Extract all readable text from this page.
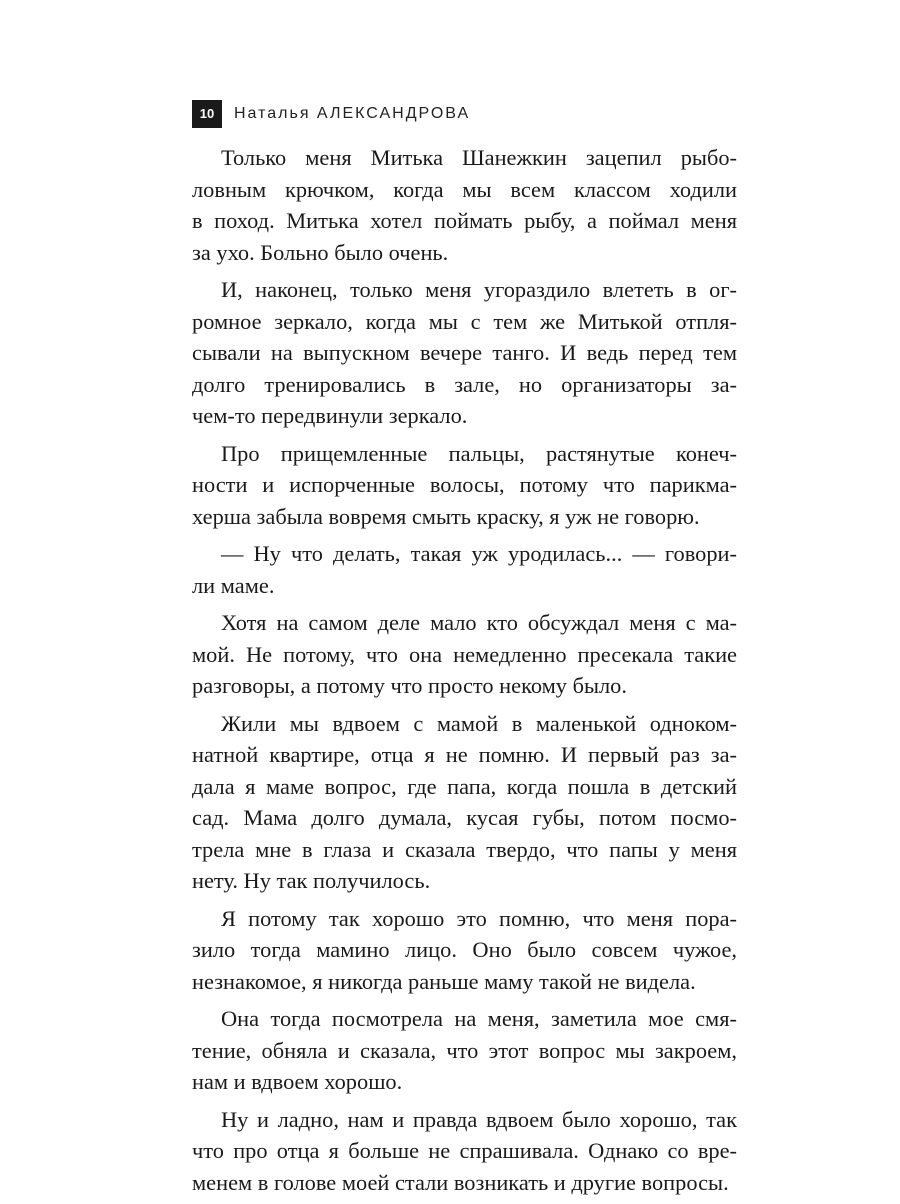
10	Наталья АЛЕКСАНДРОВА

Только меня Митька Шанежкин зацепил рыбо-
ловным крючком, когда мы всем классом ходили
в поход. Митька хотел поймать рыбу, а поймал меня
за ухо. Больно было очень.

И, наконец, только меня угораздило влететь в ог-
ромное зеркало, когда мы с тем же Митькой отпля-
сывали на выпускном вечере танго. И ведь перед тем
долго тренировались в зале, но организаторы за-
чем-то передвинули зеркало.

Про прищемленные пальцы, растянутые конеч-
ности и испорченные волосы, потому что парикма-
херша забыла вовремя смыть краску, я уж не говорю.

— Ну что делать, такая уж уродилась... — говори-
ли маме.

Хотя на самом деле мало кто обсуждал меня с ма-
мой. Не потому, что она немедленно пресекала такие
разговоры, а потому что просто некому было.

Жили мы вдвоем с мамой в маленькой одноком-
натной квартире, отца я не помню. И первый раз за-
дала я маме вопрос, где папа, когда пошла в детский
сад. Мама долго думала, кусая губы, потом посмо-
трела мне в глаза и сказала твердо, что папы у меня
нету. Ну так получилось.

Я потому так хорошо это помню, что меня пора-
зило тогда мамино лицо. Оно было совсем чужое,
незнакомое, я никогда раньше маму такой не видела.

Она тогда посмотрела на меня, заметила мое смя-
тение, обняла и сказала, что этот вопрос мы закроем,
нам и вдвоем хорошо.

Ну и ладно, нам и правда вдвоем было хорошо, так
что про отца я больше не спрашивала. Однако со вре-
менем в голове моей стали возникать и другие вопросы.
